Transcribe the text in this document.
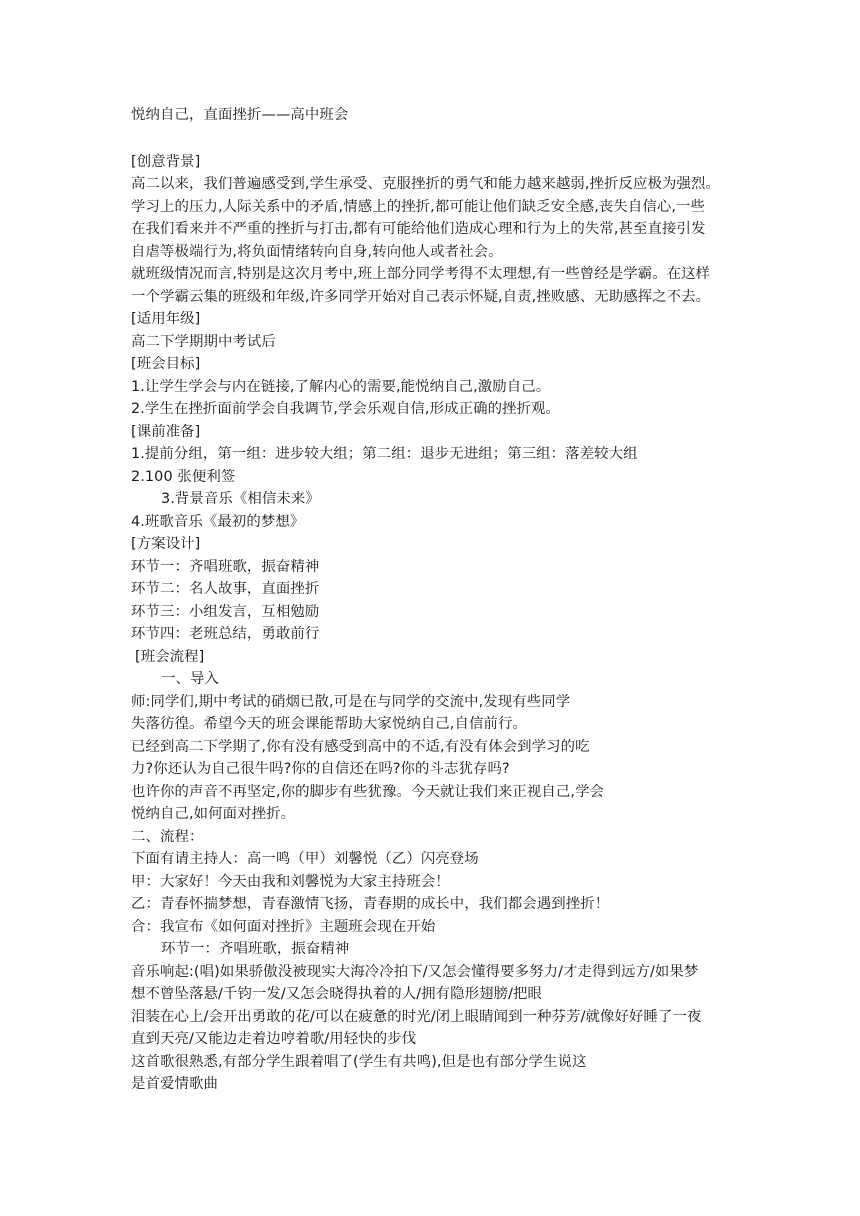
悦纳自己，直面挫折——高中班会
[创意背景]
高二以来，我们普遍感受到,学生承受、克服挫折的勇气和能力越来越弱,挫折反应极为强烈。
学习上的压力,人际关系中的矛盾,情感上的挫折,都可能让他们缺乏安全感,丧失自信心,一些
在我们看来并不严重的挫折与打击,都有可能给他们造成心理和行为上的失常,甚至直接引发
自虐等极端行为,将负面情绪转向自身,转向他人或者社会。
就班级情况而言,特别是这次月考中,班上部分同学考得不太理想,有一些曾经是学霸。在这样
一个学霸云集的班级和年级,许多同学开始对自己表示怀疑,自责,挫败感、无助感挥之不去。
[适用年级]
高二下学期期中考试后
[班会目标]
1.让学生学会与内在链接,了解内心的需要,能悦纳自己,激励自己。
2.学生在挫折面前学会自我调节,学会乐观自信,形成正确的挫折观。
[课前准备]
1.提前分组，第一组：进步较大组；第二组：退步无进组；第三组：落差较大组
2.100 张便利签
3.背景音乐《相信未来》
4.班歌音乐《最初的梦想》
[方案设计]
环节一：齐唱班歌，振奋精神
环节二：名人故事，直面挫折
环节三：小组发言，互相勉励
环节四：老班总结，勇敢前行
[班会流程]
一、导入
师:同学们,期中考试的硝烟已散,可是在与同学的交流中,发现有些同学
失落彷徨。希望今天的班会课能帮助大家悦纳自己,自信前行。
已经到高二下学期了,你有没有感受到高中的不适,有没有体会到学习的吃
力?你还认为自己很牛吗?你的自信还在吗?你的斗志犹存吗?
也许你的声音不再坚定,你的脚步有些犹豫。今天就让我们来正视自己,学会
悦纳自己,如何面对挫折。
二、流程：
下面有请主持人：高一鸣（甲）刘馨悦（乙）闪亮登场
甲：大家好！今天由我和刘馨悦为大家主持班会！
乙：青春怀揣梦想，青春激情飞扬，青春期的成长中，我们都会遇到挫折！
合：我宣布《如何面对挫折》主题班会现在开始
环节一：齐唱班歌，振奋精神
音乐响起:(唱)如果骄傲没被现实大海冷冷拍下/又怎会懂得要多努力/才走得到远方/如果梦
想不曾坠落悬/千钧一发/又怎会晓得执着的人/拥有隐形翅膀/把眼
泪装在心上/会开出勇敢的花/可以在疲惫的时光/闭上眼睛闻到一种芬芳/就像好好睡了一夜
直到天亮/又能边走着边哼着歌/用轻快的步伐
这首歌很熟悉,有部分学生跟着唱了(学生有共鸣),但是也有部分学生说这
是首爱情歌曲
